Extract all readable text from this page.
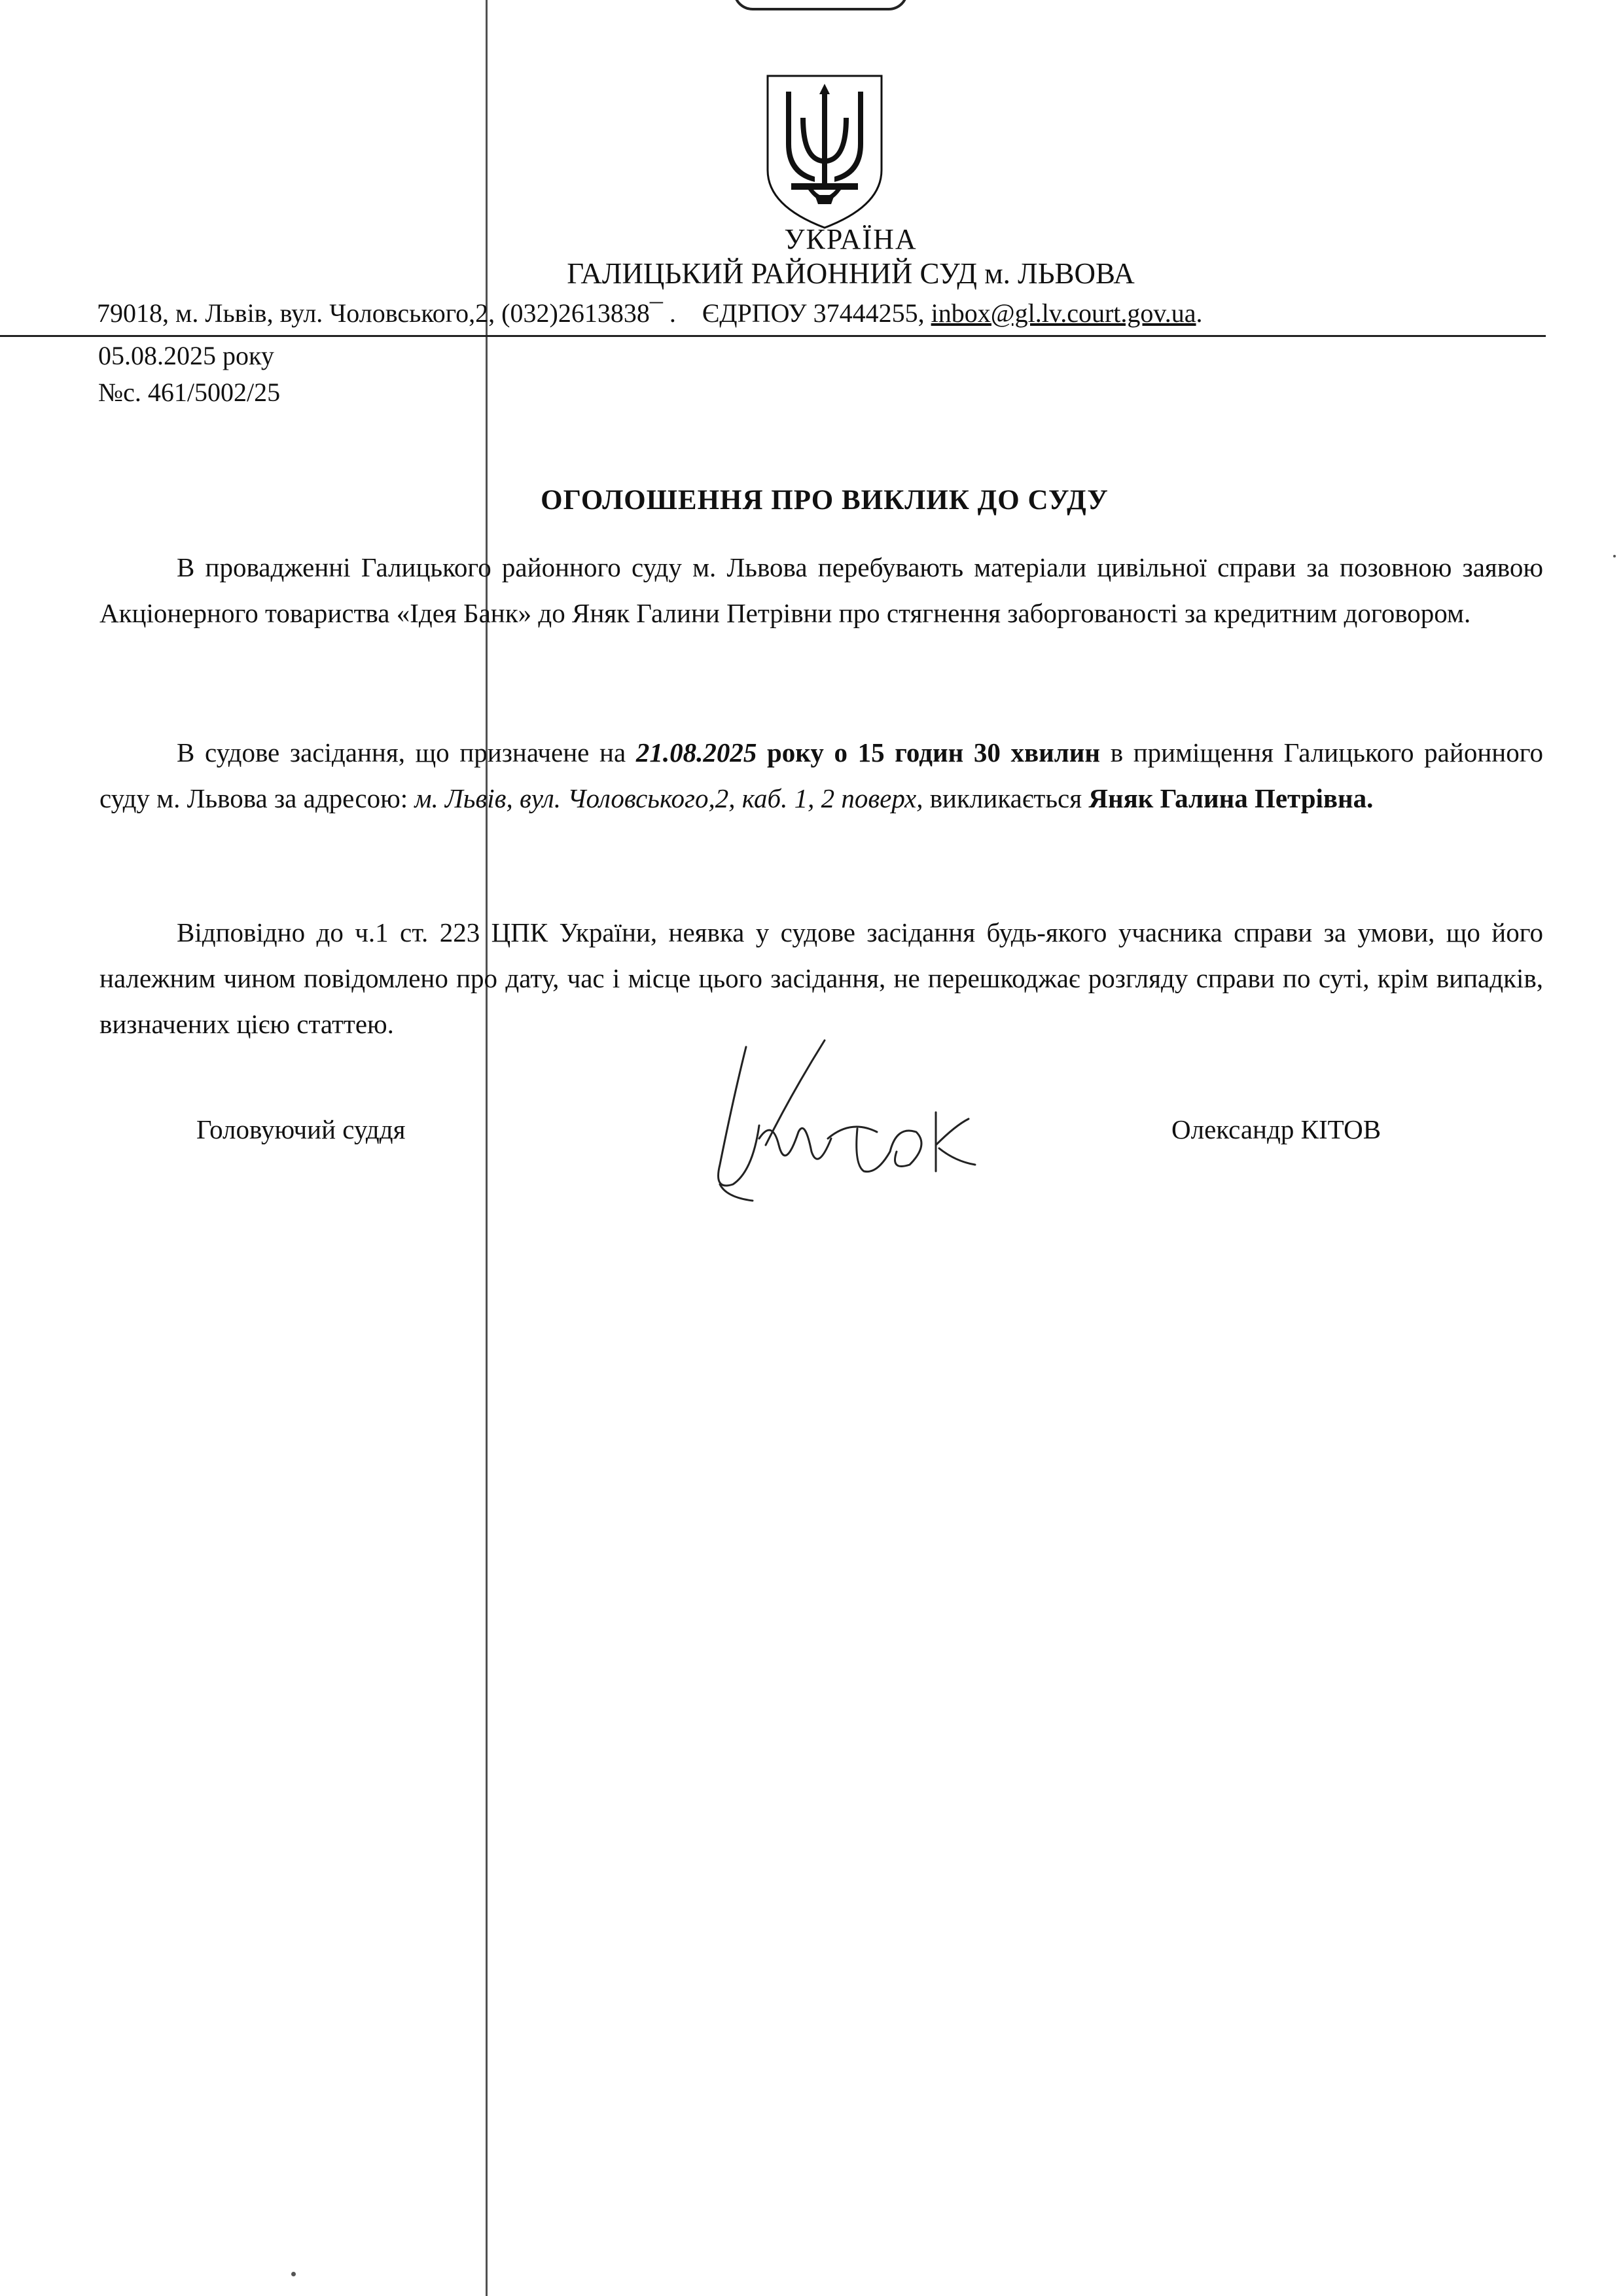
УКРАЇНА
ГАЛИЦЬКИЙ РАЙОННИЙ СУД м. ЛЬВОВА
79018, м. Львів, вул. Чоловського,2, (032)2613838¯ .    ЄДРПОУ 37444255, inbox@gl.lv.court.gov.ua.
05.08.2025 року
№с. 461/5002/25
ОГОЛОШЕННЯ ПРО ВИКЛИК ДО СУДУ

В провадженні Галицького районного суду м. Львова перебувають матеріали цивільної справи за позовною заявою Акціонерного товариства «Ідея Банк» до Яняк Галини Петрівни про стягнення заборгованості за кредитним договором.

В судове засідання, що призначене на 21.08.2025 року о 15 годин 30 хвилин в приміщення Галицького районного суду м. Львова за адресою: м. Львів, вул. Чоловського,2, каб. 1, 2 поверх, викликається Яняк Галина Петрівна.

Відповідно до ч.1 ст. 223 ЦПК України, неявка у судове засідання будь-якого учасника справи за умови, що його належним чином повідомлено про дату, час і місце цього засідання, не перешкоджає розгляду справи по суті, крім випадків, визначених цією статтею.

Головуючий суддя	Олександр КІТОВ
